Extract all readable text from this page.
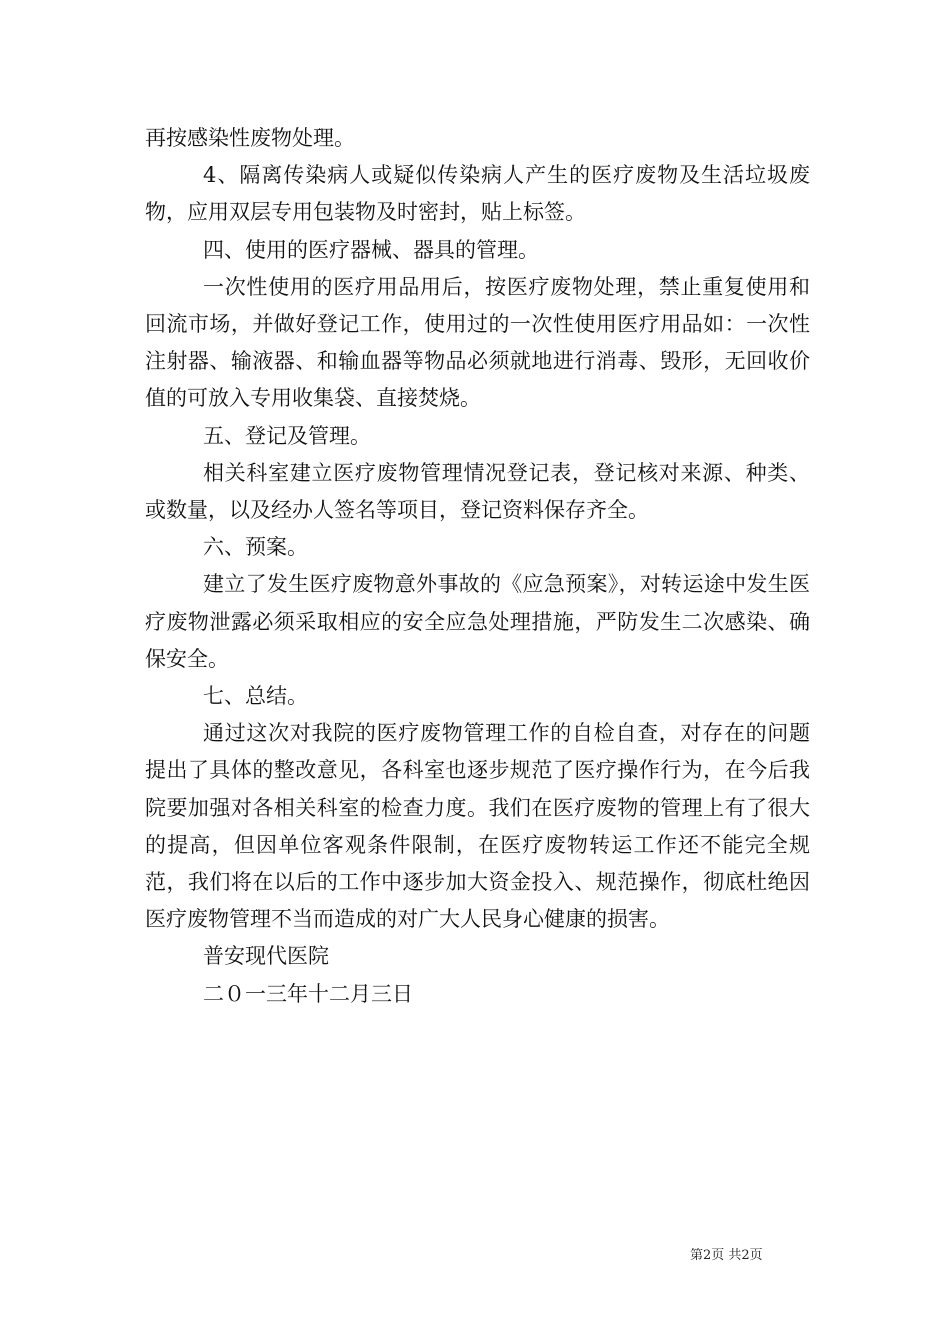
再按感染性废物处理。

4、隔离传染病人或疑似传染病人产生的医疗废物及生活垃圾废物，应用双层专用包装物及时密封，贴上标签。

四、使用的医疗器械、器具的管理。

一次性使用的医疗用品用后，按医疗废物处理，禁止重复使用和回流市场，并做好登记工作，使用过的一次性使用医疗用品如：一次性注射器、输液器、和输血器等物品必须就地进行消毒、毁形，无回收价值的可放入专用收集袋、直接焚烧。

五、登记及管理。

相关科室建立医疗废物管理情况登记表，登记核对来源、种类、或数量，以及经办人签名等项目，登记资料保存齐全。

六、预案。

建立了发生医疗废物意外事故的《应急预案》，对转运途中发生医疗废物泄露必须采取相应的安全应急处理措施，严防发生二次感染、确保安全。

七、总结。

通过这次对我院的医疗废物管理工作的自检自查，对存在的问题提出了具体的整改意见，各科室也逐步规范了医疗操作行为，在今后我院要加强对各相关科室的检查力度。我们在医疗废物的管理上有了很大的提高，但因单位客观条件限制，在医疗废物转运工作还不能完全规范，我们将在以后的工作中逐步加大资金投入、规范操作，彻底杜绝因医疗废物管理不当而造成的对广大人民身心健康的损害。

普安现代医院

二０一三年十二月三日

第2页 共2页
